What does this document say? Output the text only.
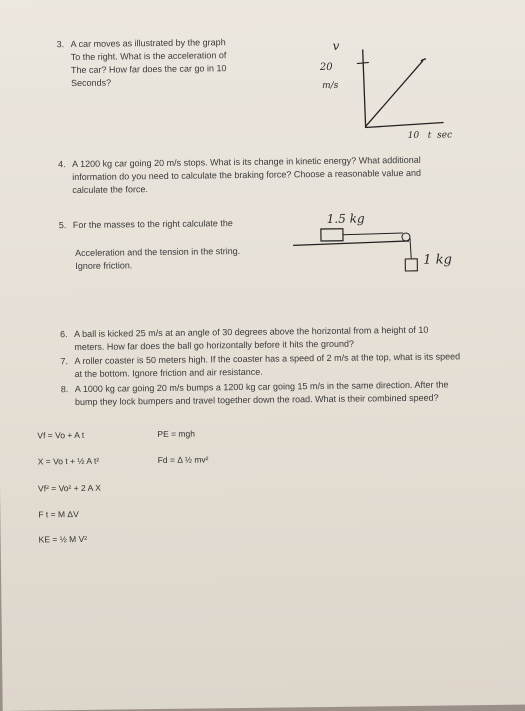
3. A car moves as illustrated by the graph
To the right. What is the acceleration of
The car? How far does the car go in 10
Seconds?
v
20
m/s
10   t  sec
4. A 1200 kg car going 20 m/s stops. What is its change in kinetic energy? What additional
information do you need to calculate the braking force? Choose a reasonable value and
calculate the force.
5. For the masses to the right calculate the
Acceleration and the tension in the string.
Ignore friction.
1.5 kg
1 kg
6. A ball is kicked 25 m/s at an angle of 30 degrees above the horizontal from a height of 10
meters. How far does the ball go horizontally before it hits the ground?
7. A roller coaster is 50 meters high. If the coaster has a speed of 2 m/s at the top, what is its speed
at the bottom. Ignore friction and air resistance.
8. A 1000 kg car going 20 m/s bumps a 1200 kg car going 15 m/s in the same direction. After the
bump they lock bumpers and travel together down the road. What is their combined speed?
Vf = Vo + A t
X = Vo t + ½ A t²
Vf² = Vo² + 2 A X
F t = M ΔV
KE = ½ M V²
PE = mgh
Fd = Δ ½ mv²
